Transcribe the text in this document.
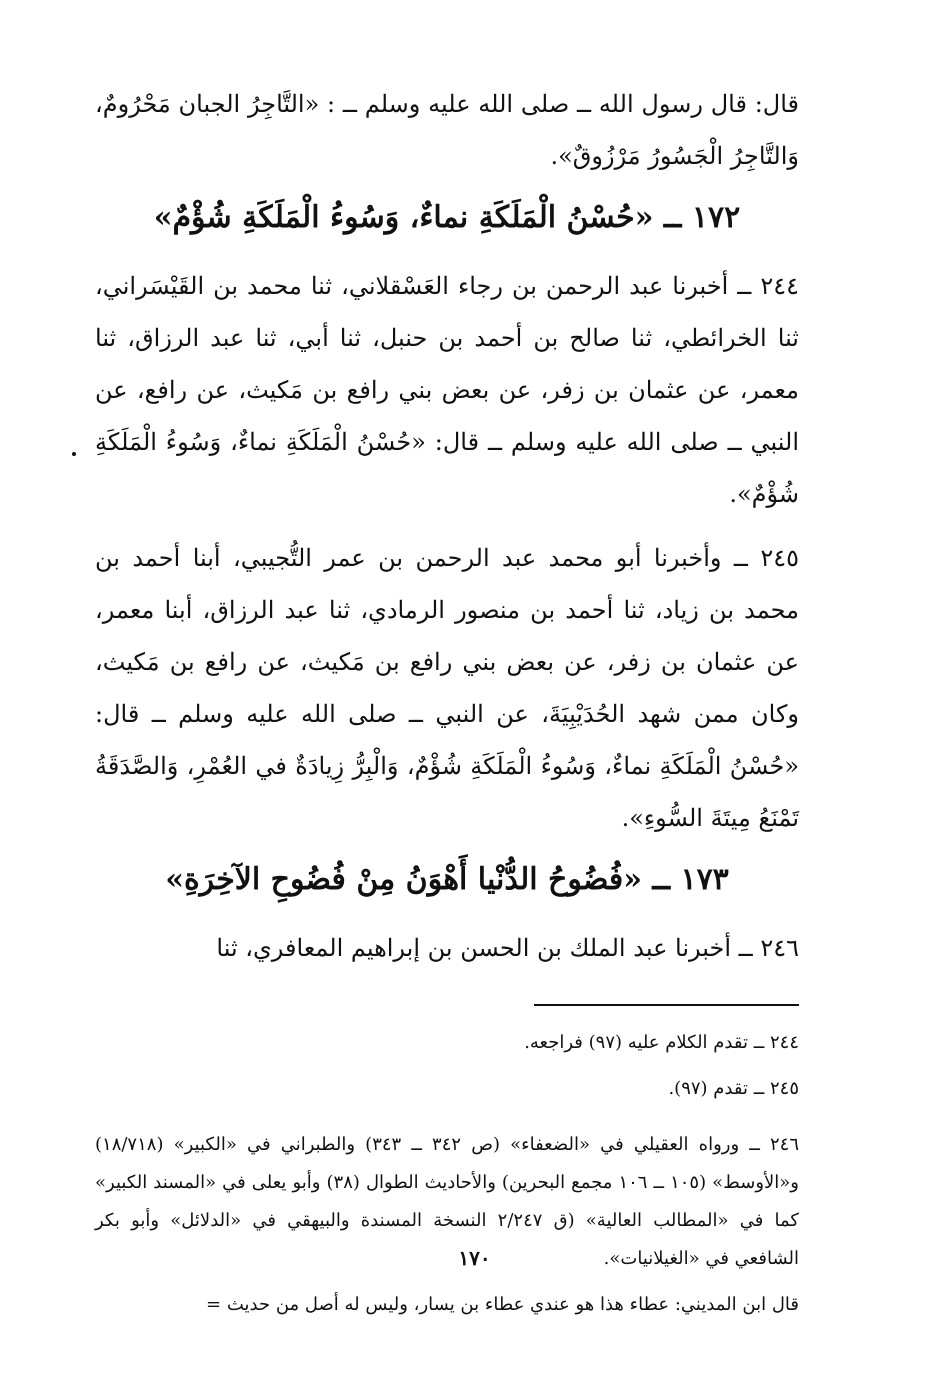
قال: قال رسول الله ــ صلى الله عليه وسلم ــ : «التَّاجِرُ الجبان مَحْرُومٌ، وَالتَّاجِرُ الْجَسُورُ مَرْزُوقٌ».

١٧٢ ــ «حُسْنُ الْمَلَكَةِ نماءٌ، وَسُوءُ الْمَلَكَةِ شُؤْمٌ»

٢٤٤ ــ أخبرنا عبد الرحمن بن رجاء العَسْقلاني، ثنا محمد بن القَيْسَراني، ثنا الخرائطي، ثنا صالح بن أحمد بن حنبل، ثنا أبي، ثنا عبد الرزاق، ثنا معمر، عن عثمان بن زفر، عن بعض بني رافع بن مَكيث، عن رافع، عن النبي ــ صلى الله عليه وسلم ــ قال: «حُسْنُ الْمَلَكَةِ نماءٌ، وَسُوءُ الْمَلَكَةِ شُؤْمٌ».

٢٤٥ ــ وأخبرنا أبو محمد عبد الرحمن بن عمر التُّجيبي، أبنا أحمد بن محمد بن زياد، ثنا أحمد بن منصور الرمادي، ثنا عبد الرزاق، أبنا معمر، عن عثمان بن زفر، عن بعض بني رافع بن مَكيث، عن رافع بن مَكيث، وكان ممن شهد الحُدَيْبِيَةَ، عن النبي ــ صلى الله عليه وسلم ــ قال: «حُسْنُ الْمَلَكَةِ نماءٌ، وَسُوءُ الْمَلَكَةِ شُؤْمٌ، وَالْبِرُّ زِيادَةٌ في العُمْرِ، وَالصَّدَقَةُ تَمْنَعُ مِيتَةَ السُّوءِ».

١٧٣ ــ «فُضُوحُ الدُّنْيا أَهْوَنُ مِنْ فُضُوحِ الآخِرَةِ»

٢٤٦ ــ أخبرنا عبد الملك بن الحسن بن إبراهيم المعافري، ثنا

٢٤٤ ــ تقدم الكلام عليه (٩٧) فراجعه.

٢٤٥ ــ تقدم (٩٧).

٢٤٦ ــ ورواه العقيلي في «الضعفاء» (ص ٣٤٢ ــ ٣٤٣) والطبراني في «الكبير» (١٨/٧١٨) و«الأوسط» (١٠٥ ــ ١٠٦ مجمع البحرين) والأحاديث الطوال (٣٨) وأبو يعلى في «المسند الكبير» كما في «المطالب العالية» (ق ٢/٢٤٧ النسخة المسندة والبيهقي في «الدلائل» وأبو بكر الشافعي في «الغيلانيات».

قال ابن المديني: عطاء هذا هو عندي عطاء بن يسار، وليس له أصل من حديث =

١٧٠
